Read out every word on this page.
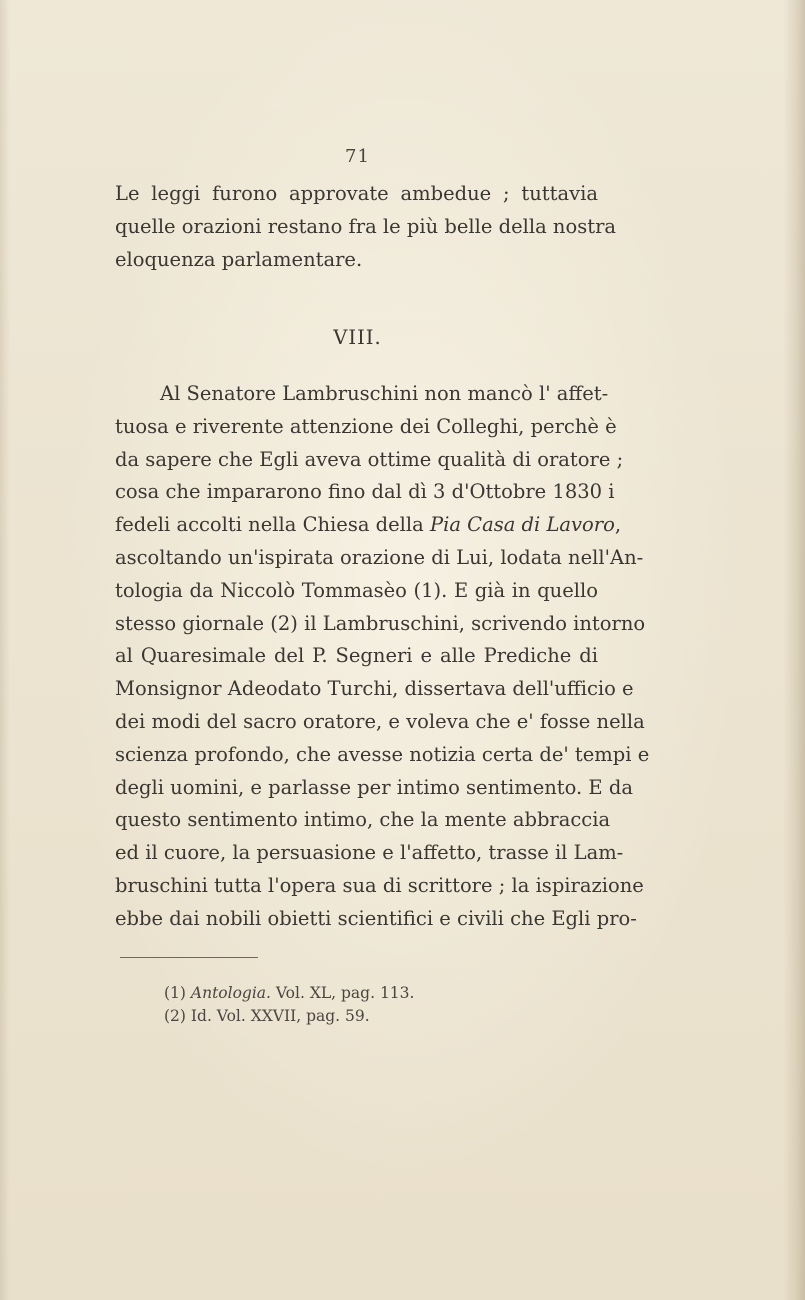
71
Le leggi furono approvate ambedue ; tuttavia
quelle orazioni restano fra le più belle della nostra
eloquenza parlamentare.
VIII.
Al Senatore Lambruschini non mancò l' affet-
tuosa e riverente attenzione dei Colleghi, perchè è
da sapere che Egli aveva ottime qualità di oratore ;
cosa che impararono fino dal dì 3 d'Ottobre 1830 i
fedeli accolti nella Chiesa della Pia Casa di Lavoro,
ascoltando un'ispirata orazione di Lui, lodata nell'An-
tologia da Niccolò Tommasèo (1). E già in quello
stesso giornale (2) il Lambruschini, scrivendo intorno
al Quaresimale del P. Segneri e alle Prediche di
Monsignor Adeodato Turchi, dissertava dell'ufficio e
dei modi del sacro oratore, e voleva che e' fosse nella
scienza profondo, che avesse notizia certa de' tempi e
degli uomini, e parlasse per intimo sentimento. E da
questo sentimento intimo, che la mente abbraccia
ed il cuore, la persuasione e l'affetto, trasse il Lam-
bruschini tutta l'opera sua di scrittore ; la ispirazione
ebbe dai nobili obietti scientifici e civili che Egli pro-
(1) Antologia. Vol. XL, pag. 113.
(2) Id. Vol. XXVII, pag. 59.
